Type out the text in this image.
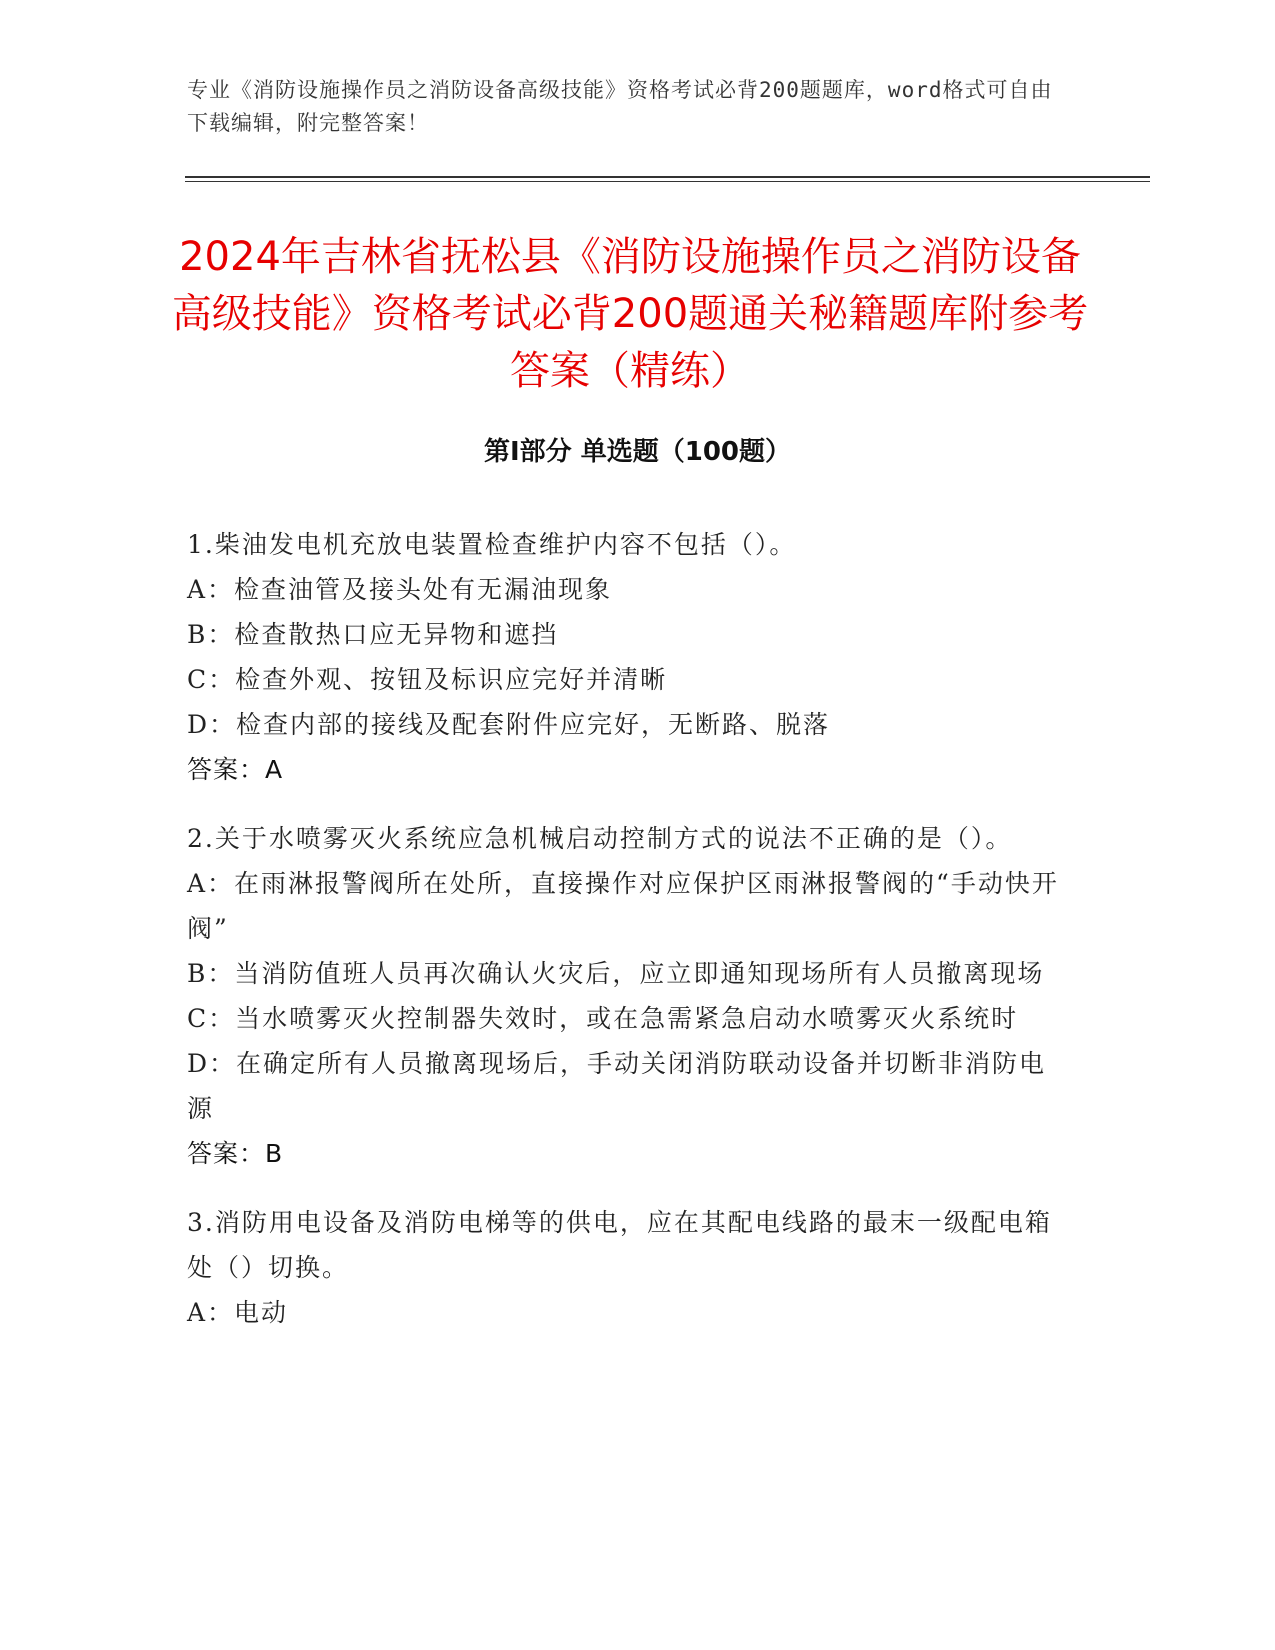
专业《消防设施操作员之消防设备高级技能》资格考试必背200题题库，word格式可自由下载编辑，附完整答案！
2024年吉林省抚松县《消防设施操作员之消防设备高级技能》资格考试必背200题通关秘籍题库附参考答案（精练）
第Ⅰ部分 单选题（100题）
1.柴油发电机充放电装置检查维护内容不包括（）。
A：检查油管及接头处有无漏油现象
B：检查散热口应无异物和遮挡
C：检查外观、按钮及标识应完好并清晰
D：检查内部的接线及配套附件应完好，无断路、脱落
答案：A
2.关于水喷雾灭火系统应急机械启动控制方式的说法不正确的是（）。
A：在雨淋报警阀所在处所，直接操作对应保护区雨淋报警阀的“手动快开阀”
B：当消防值班人员再次确认火灾后，应立即通知现场所有人员撤离现场
C：当水喷雾灭火控制器失效时，或在急需紧急启动水喷雾灭火系统时
D：在确定所有人员撤离现场后，手动关闭消防联动设备并切断非消防电源
答案：B
3.消防用电设备及消防电梯等的供电，应在其配电线路的最末一级配电箱处（）切换。
A：电动
